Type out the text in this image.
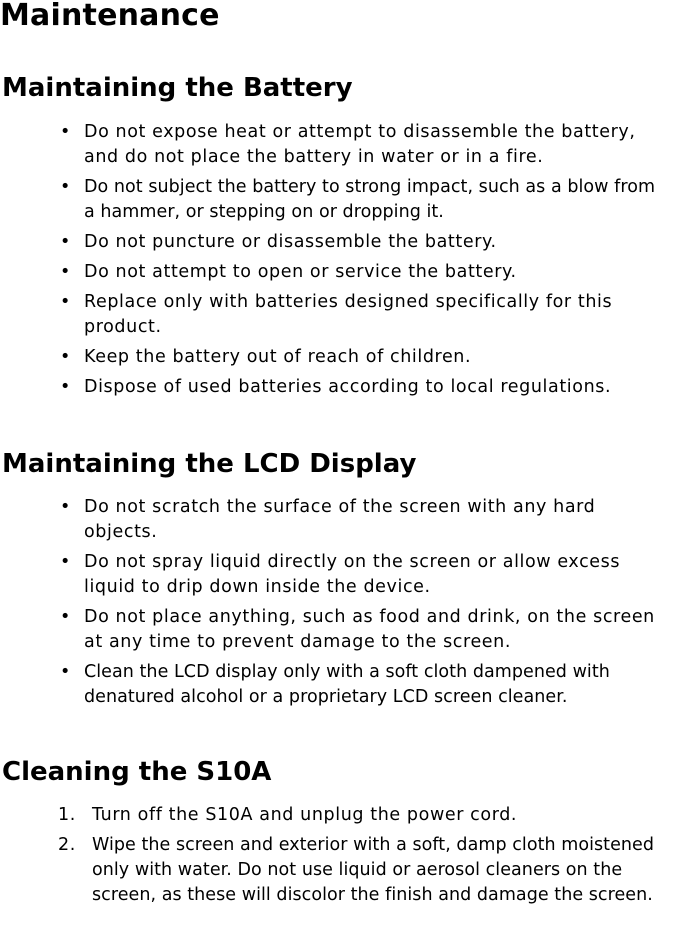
Maintenance
Maintaining the Battery
• Do not expose heat or attempt to disassemble the battery, and do not place the battery in water or in a fire.
• Do not subject the battery to strong impact, such as a blow from a hammer, or stepping on or dropping it.
• Do not puncture or disassemble the battery.
• Do not attempt to open or service the battery.
• Replace only with batteries designed specifically for this product.
• Keep the battery out of reach of children.
• Dispose of used batteries according to local regulations.
Maintaining the LCD Display
• Do not scratch the surface of the screen with any hard objects.
• Do not spray liquid directly on the screen or allow excess liquid to drip down inside the device.
• Do not place anything, such as food and drink, on the screen at any time to prevent damage to the screen.
• Clean the LCD display only with a soft cloth dampened with denatured alcohol or a proprietary LCD screen cleaner.
Cleaning the S10A
1. Turn off the S10A and unplug the power cord.
2. Wipe the screen and exterior with a soft, damp cloth moistened only with water. Do not use liquid or aerosol cleaners on the screen, as these will discolor the finish and damage the screen.
